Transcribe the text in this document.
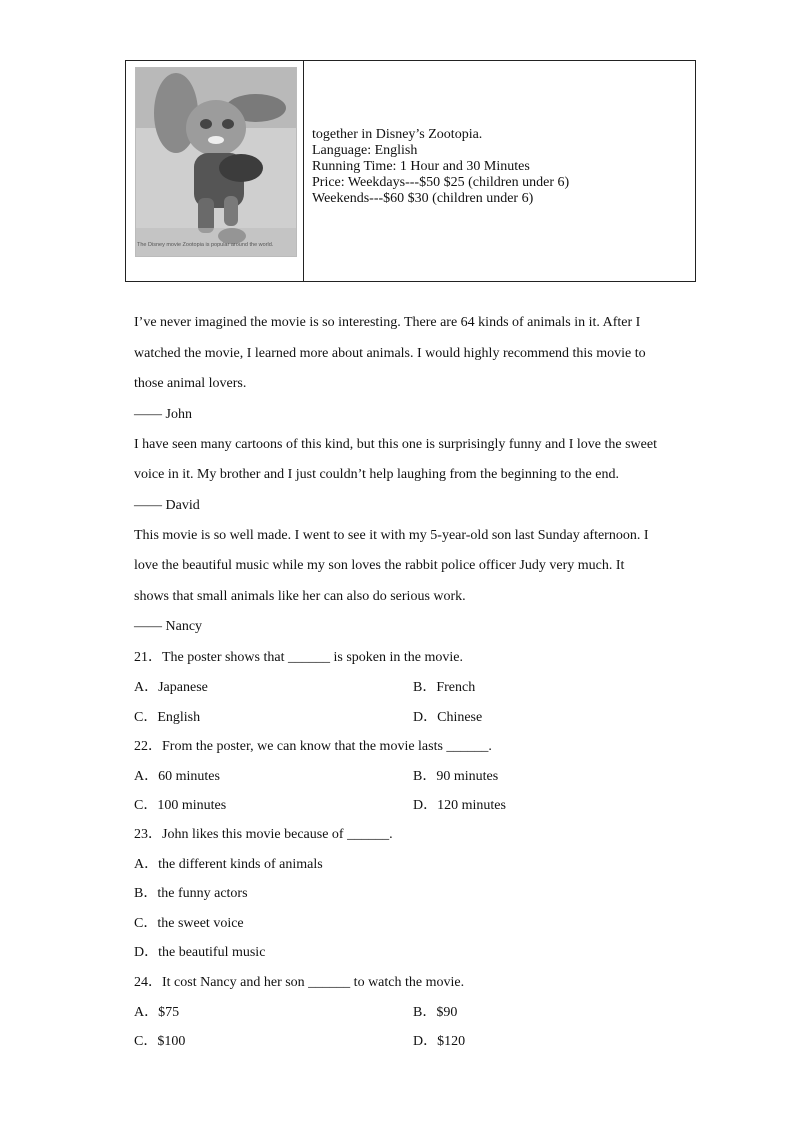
together in Disney’s Zootopia.
Language: English
Running Time: 1 Hour and 30 Minutes
Price: Weekdays---$50 $25 (children under 6)
Weekends---$60 $30 (children under 6)
The Disney movie Zootopia is popular around the world.
I’ve never imagined the movie is so interesting. There are 64 kinds of animals in it. After I
watched the movie, I learned more about animals. I would highly recommend this movie to
those animal lovers.
—— John
I have seen many cartoons of this kind, but this one is surprisingly funny and I love the sweet
voice in it. My brother and I just couldn’t help laughing from the beginning to the end.
—— David
This movie is so well made. I went to see it with my 5-year-old son last Sunday afternoon. I
love the beautiful music while my son loves the rabbit police officer Judy very much. It
shows that small animals like her can also do serious work.
—— Nancy
21．The poster shows that ______ is spoken in the movie.
A．Japanese	B．French
C．English	D．Chinese
22．From the poster, we can know that the movie lasts ______.
A．60 minutes	B．90 minutes
C．100 minutes	D．120 minutes
23．John likes this movie because of ______.
A．the different kinds of animals
B．the funny actors
C．the sweet voice
D．the beautiful music
24．It cost Nancy and her son ______ to watch the movie.
A．$75	B．$90
C．$100	D．$120
